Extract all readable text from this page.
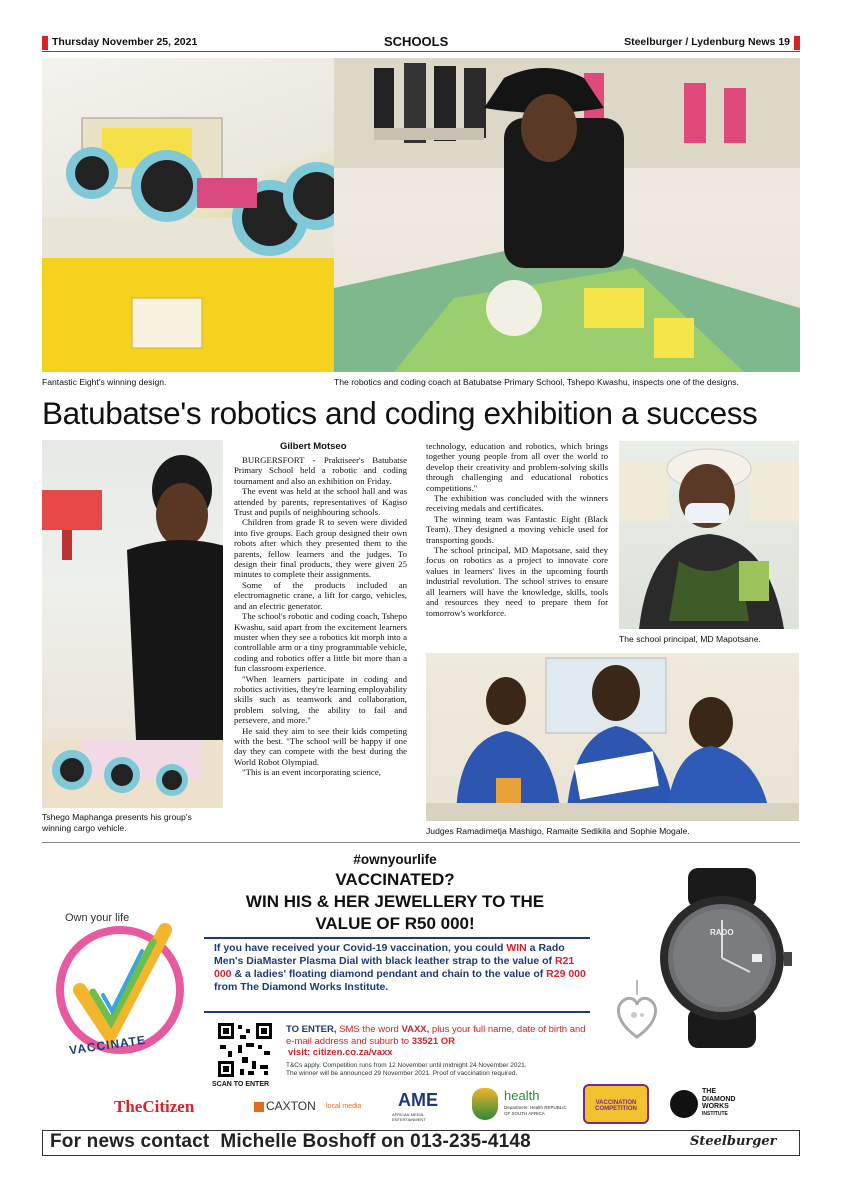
Thursday November 25, 2021	SCHOOLS	Steelburger / Lydenburg News 19
Fantastic Eight's winning design.	The robotics and coding coach at Batubatse Primary School, Tshepo Kwashu, inspects one of the designs.
Batubatse's robotics and coding exhibition a success
Tshego Maphanga presents his group's winning cargo vehicle.
Gilbert Motseo

BURGERSFORT - Praktiseer's Batubatse Primary School held a robotic and coding tournament and also an exhibition on Friday.

The event was held at the school hall and was attended by parents, representatives of Kagiso Trust and pupils of neighbouring schools.

Children from grade R to seven were divided into five groups. Each group designed their own robots after which they presented them to the parents, fellow learners and the judges. To design their final products, they were given 25 minutes to complete their assignments.

Some of the products included an electromagnetic crane, a lift for cargo, vehicles, and an electric generator.

The school's robotic and coding coach, Tshepo Kwashu, said apart from the excitement learners muster when they see a robotics kit morph into a controllable arm or a tiny programmable vehicle, coding and robotics offer a little bit more than a fun classroom experience.

"When learners participate in coding and robotics activities, they're learning employability skills such as teamwork and collaboration, problem solving, the ability to fail and persevere, and more."

He said they aim to see their kids competing with the best. "The school will be happy if one day they can compete with the best during the World Robot Olympiad.

"This is an event incorporating science,

technology, education and robotics, which brings together young people from all over the world to develop their creativity and problem-solving skills through challenging and educational robotics competitions."

The exhibition was concluded with the winners receiving medals and certificates.

The winning team was Fantastic Eight (Black Team). They designed a moving vehicle used for transporting goods.

The school principal, MD Mapotsane, said they focus on robotics as a project to innovate core values in learners' lives in the upcoming fourth industrial revolution. The school strives to ensure all learners will have the knowledge, skills, tools and resources they need to prepare them for tomorrow's workforce.

The school principal, MD Mapotsane.
Judges Ramadimetja Mashigo, Ramaite Sedikila and Sophie Mogale.
#ownyourlife
VACCINATED?
WIN HIS & HER JEWELLERY TO THE
VALUE OF R50 000!
Own your life
VACCINATE
If you have received your Covid-19 vaccination, you could WIN a Rado Men's DiaMaster Plasma Dial with black leather strap to the value of R21 000 & a ladies' floating diamond pendant and chain to the value of R29 000 from The Diamond Works Institute.
SCAN TO ENTER
TO ENTER, SMS the word VAXX, plus your full name, date of birth and e-mail address and suburb to 33521 OR
visit: citizen.co.za/vaxx
T&Cs apply. Competition runs from 12 November until midnight 24 November 2021.
The winner will be announced 29 November 2021. Proof of vaccination required.
RADO
TheCitizen	CAXTON local media AME
AFRICAN MEDIA ENTERTAINMENT
health
Department: Health REPUBLIC OF SOUTH AFRICA
VACCINATION COMPETITION
THE
DIAMOND
WORKS
INSTITUTE
For news contact  Michelle Boshoff on 013-235-4148	Steelburger
